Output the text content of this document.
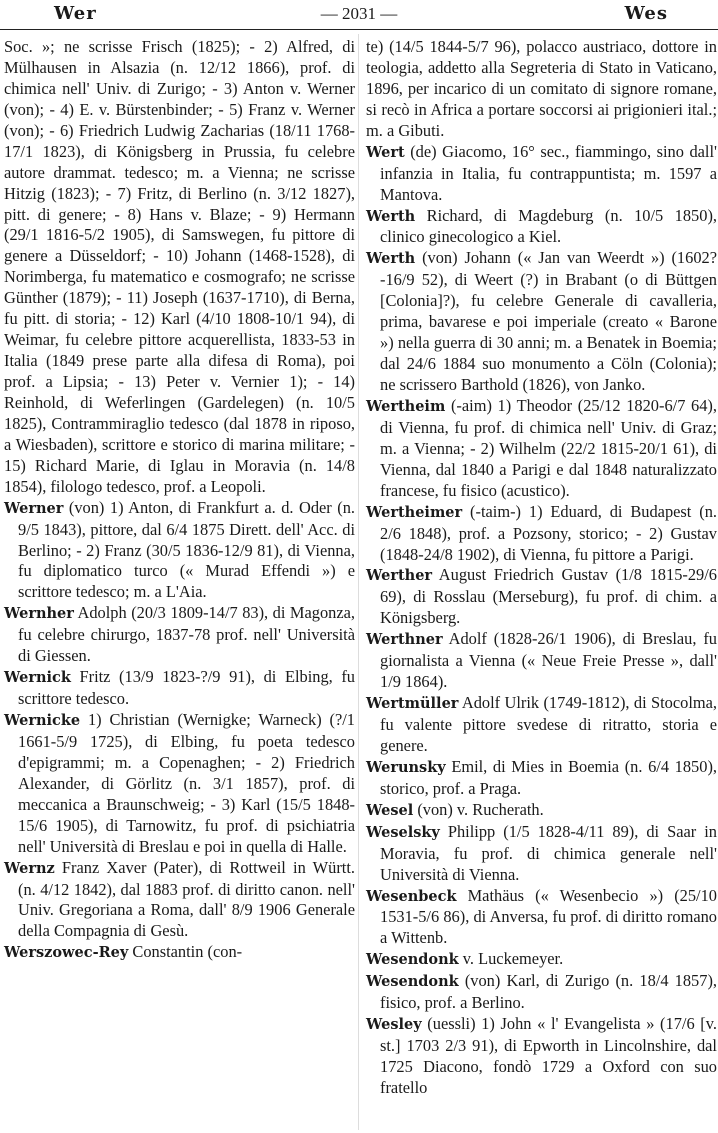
Wer	— 2031 —	Wes

Soc. »; ne scrisse Frisch (1825); - 2) Alfred, di Mülhausen in Alsazia (n. 12/12 1866), prof. di chimica nell' Univ. di Zurigo; - 3) Anton v. Werner (von); - 4) E. v. Bürstenbinder; - 5) Franz v. Werner (von); - 6) Friedrich Ludwig Zacharias (18/11 1768-17/1 1823), di Königsberg in Prussia, fu celebre autore drammat. tedesco; m. a Vienna; ne scrisse Hitzig (1823); - 7) Fritz, di Berlino (n. 3/12 1827), pitt. di genere; - 8) Hans v. Blaze; - 9) Hermann (29/1 1816-5/2 1905), di Samswegen, fu pittore di genere a Düsseldorf; - 10) Johann (1468-1528), di Norimberga, fu matematico e cosmografo; ne scrisse Günther (1879); - 11) Joseph (1637-1710), di Berna, fu pitt. di storia; - 12) Karl (4/10 1808-10/1 94), di Weimar, fu celebre pittore acquerellista, 1833-53 in Italia (1849 prese parte alla difesa di Roma), poi prof. a Lipsia; - 13) Peter v. Vernier 1); - 14) Reinhold, di Weferlingen (Gardelegen) (n. 10/5 1825), Contrammiraglio tedesco (dal 1878 in riposo, a Wiesbaden), scrittore e storico di marina militare; - 15) Richard Marie, di Iglau in Moravia (n. 14/8 1854), filologo tedesco, prof. a Leopoli.

Werner (von) 1) Anton, di Frankfurt a. d. Oder (n. 9/5 1843), pittore, dal 6/4 1875 Dirett. dell' Acc. di Berlino; - 2) Franz (30/5 1836-12/9 81), di Vienna, fu diplomatico turco (« Murad Effendi ») e scrittore tedesco; m. a L'Aia.

Wernher Adolph (20/3 1809-14/7 83), di Magonza, fu celebre chirurgo, 1837-78 prof. nell' Università di Giessen.

Wernick Fritz (13/9 1823-?/9 91), di Elbing, fu scrittore tedesco.

Wernicke 1) Christian (Wernigke; Warneck) (?/1 1661-5/9 1725), di Elbing, fu poeta tedesco d'epigrammi; m. a Copenaghen; - 2) Friedrich Alexander, di Görlitz (n. 3/1 1857), prof. di meccanica a Braunschweig; - 3) Karl (15/5 1848-15/6 1905), di Tarnowitz, fu prof. di psichiatria nell' Università di Breslau e poi in quella di Halle.

Wernz Franz Xaver (Pater), di Rottweil in Württ. (n. 4/12 1842), dal 1883 prof. di diritto canon. nell' Univ. Gregoriana a Roma, dall' 8/9 1906 Generale della Compagnia di Gesù.

Werszowec-Rey Constantin (con-

te) (14/5 1844-5/7 96), polacco austriaco, dottore in teologia, addetto alla Segreteria di Stato in Vaticano, 1896, per incarico di un comitato di signore romane, si recò in Africa a portare soccorsi ai prigionieri ital.; m. a Gibuti.

Wert (de) Giacomo, 16° sec., fiammingo, sino dall' infanzia in Italia, fu contrappuntista; m. 1597 a Mantova.

Werth Richard, di Magdeburg (n. 10/5 1850), clinico ginecologico a Kiel.

Werth (von) Johann (« Jan van Weerdt ») (1602?-16/9 52), di Weert (?) in Brabant (o di Büttgen [Colonia]?), fu celebre Generale di cavalleria, prima, bavarese e poi imperiale (creato « Barone ») nella guerra di 30 anni; m. a Benatek in Boemia; dal 24/6 1884 suo monumento a Cöln (Colonia); ne scrissero Barthold (1826), von Janko.

Wertheim (-aim) 1) Theodor (25/12 1820-6/7 64), di Vienna, fu prof. di chimica nell' Univ. di Graz; m. a Vienna; - 2) Wilhelm (22/2 1815-20/1 61), di Vienna, dal 1840 a Parigi e dal 1848 naturalizzato francese, fu fisico (acustico).

Wertheimer (-taim-) 1) Eduard, di Budapest (n. 2/6 1848), prof. a Pozsony, storico; - 2) Gustav (1848-24/8 1902), di Vienna, fu pittore a Parigi.

Werther August Friedrich Gustav (1/8 1815-29/6 69), di Rosslau (Merseburg), fu prof. di chim. a Königsberg.

Werthner Adolf (1828-26/1 1906), di Breslau, fu giornalista a Vienna (« Neue Freie Presse », dall' 1/9 1864).

Wertmüller Adolf Ulrik (1749-1812), di Stocolma, fu valente pittore svedese di ritratto, storia e genere.

Werunsky Emil, di Mies in Boemia (n. 6/4 1850), storico, prof. a Praga.

Wesel (von) v. Rucherath.

Weselsky Philipp (1/5 1828-4/11 89), di Saar in Moravia, fu prof. di chimica generale nell' Università di Vienna.

Wesenbeck Mathäus (« Wesenbecio ») (25/10 1531-5/6 86), di Anversa, fu prof. di diritto romano a Wittenb.

Wesendonk v. Luckemeyer.

Wesendonk (von) Karl, di Zurigo (n. 18/4 1857), fisico, prof. a Berlino.

Wesley (uessli) 1) John « l' Evangelista » (17/6 [v. st.] 1703 2/3 91), di Epworth in Lincolnshire, dal 1725 Diacono, fondò 1729 a Oxford con suo fratello
